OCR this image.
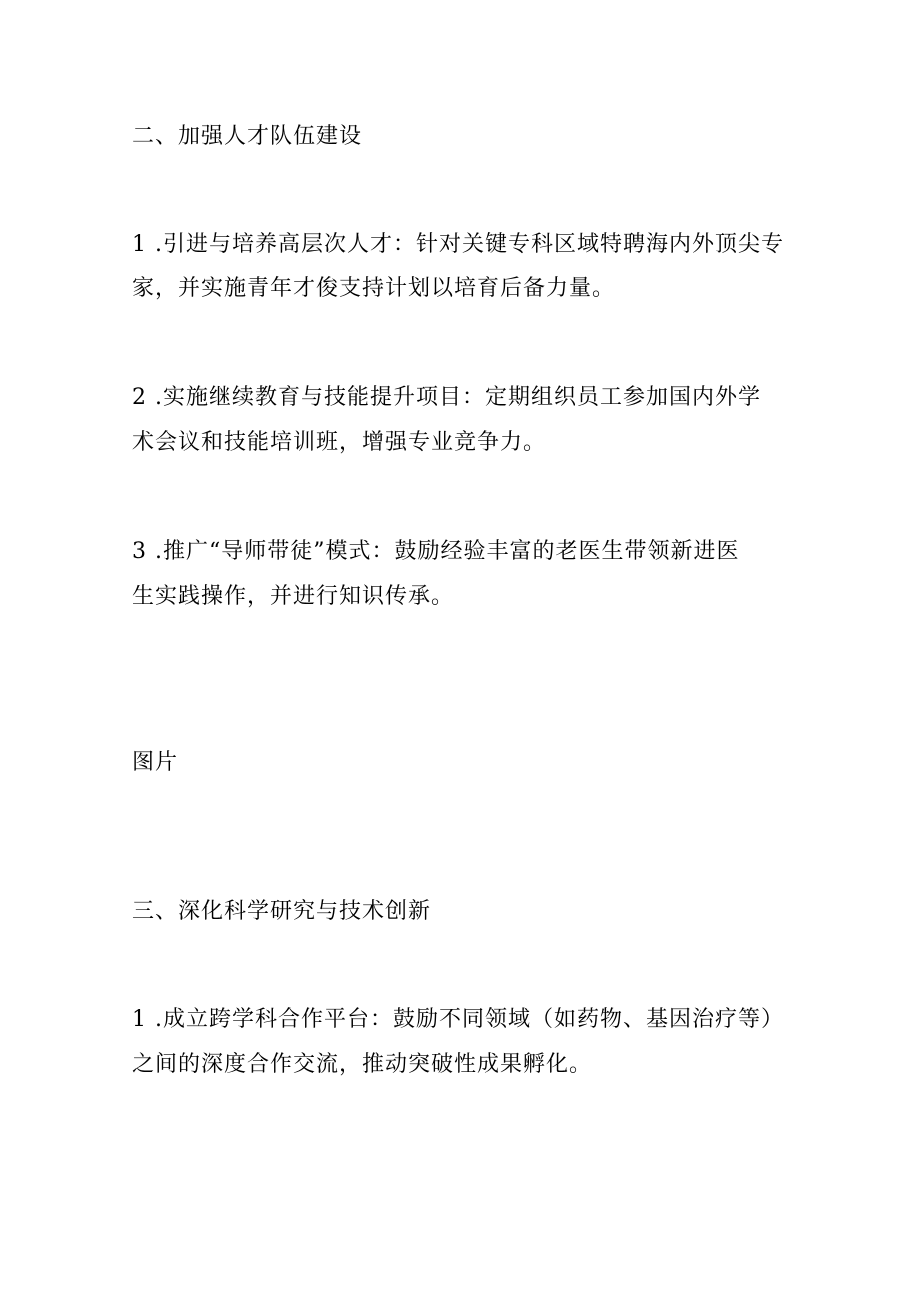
二、加强人才队伍建设
1 .引进与培养高层次人才：针对关键专科区域特聘海内外顶尖专
家，并实施青年才俊支持计划以培育后备力量。
2 .实施继续教育与技能提升项目：定期组织员工参加国内外学
术会议和技能培训班，增强专业竞争力。
3 .推广“导师带徒”模式：鼓励经验丰富的老医生带领新进医
生实践操作，并进行知识传承。
图片
三、深化科学研究与技术创新
1 .成立跨学科合作平台：鼓励不同领域（如药物、基因治疗等）
之间的深度合作交流，推动突破性成果孵化。
